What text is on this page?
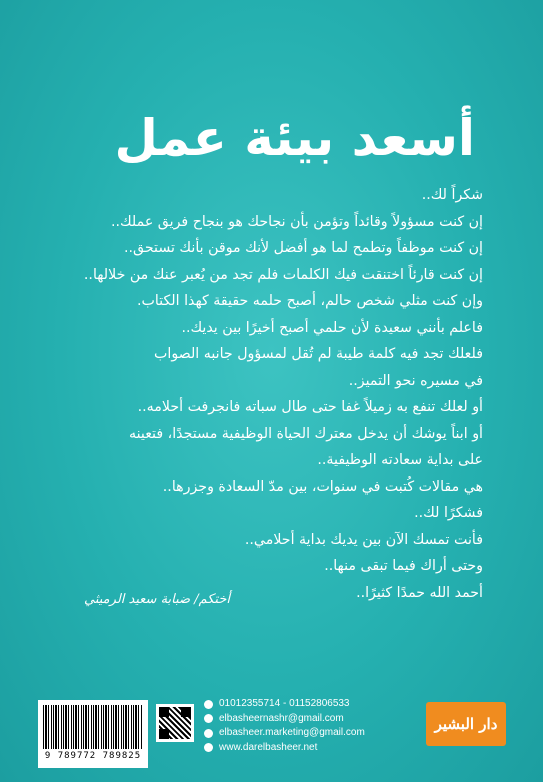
أسعد بيئة عمل

شكراً لك..

إن كنت مسؤولاً وقائداً وتؤمن بأن نجاحك هو بنجاح فريق عملك..

إن كنت موظفاً وتطمح لما هو أفضل لأنك موقن بأنك تستحق..

إن كنت قارئاً اختنقت فيك الكلمات فلم تجد من يُعبر عنك من خلالها..

وإن كنت مثلي شخص حالم، أصبح حلمه حقيقة كهذا الكتاب.

فاعلم بأنني سعيدة لأن حلمي أصبح أخيرًا بين يديك..

فلعلك تجد فيه كلمة طيبة لم تُقل لمسؤول جانبه الصواب

في مسيره نحو التميز..

أو لعلك تنفع به زميلاً غفا حتى طال سباته فانجرفت أحلامه..

أو ابناً يوشك أن يدخل معترك الحياة الوظيفية مستجدًا، فتعينه

على بداية سعادته الوظيفية..

هي مقالات كُتبت في سنوات، بين مدّ السعادة وجزرها..

فشكرًا لك..

فأنت تمسك الآن بين يديك بداية أحلامي..

وحتى أراك فيما تبقى منها..

أحمد الله حمدًا كثيرًا..

أختكم/ ضبابة سعيد الرميثي
9 789772 789825
01012355714 - 01152806533
elbasheernashr@gmail.com
elbasheer.marketing@gmail.com
www.darelbasheer.net
دار البشير
